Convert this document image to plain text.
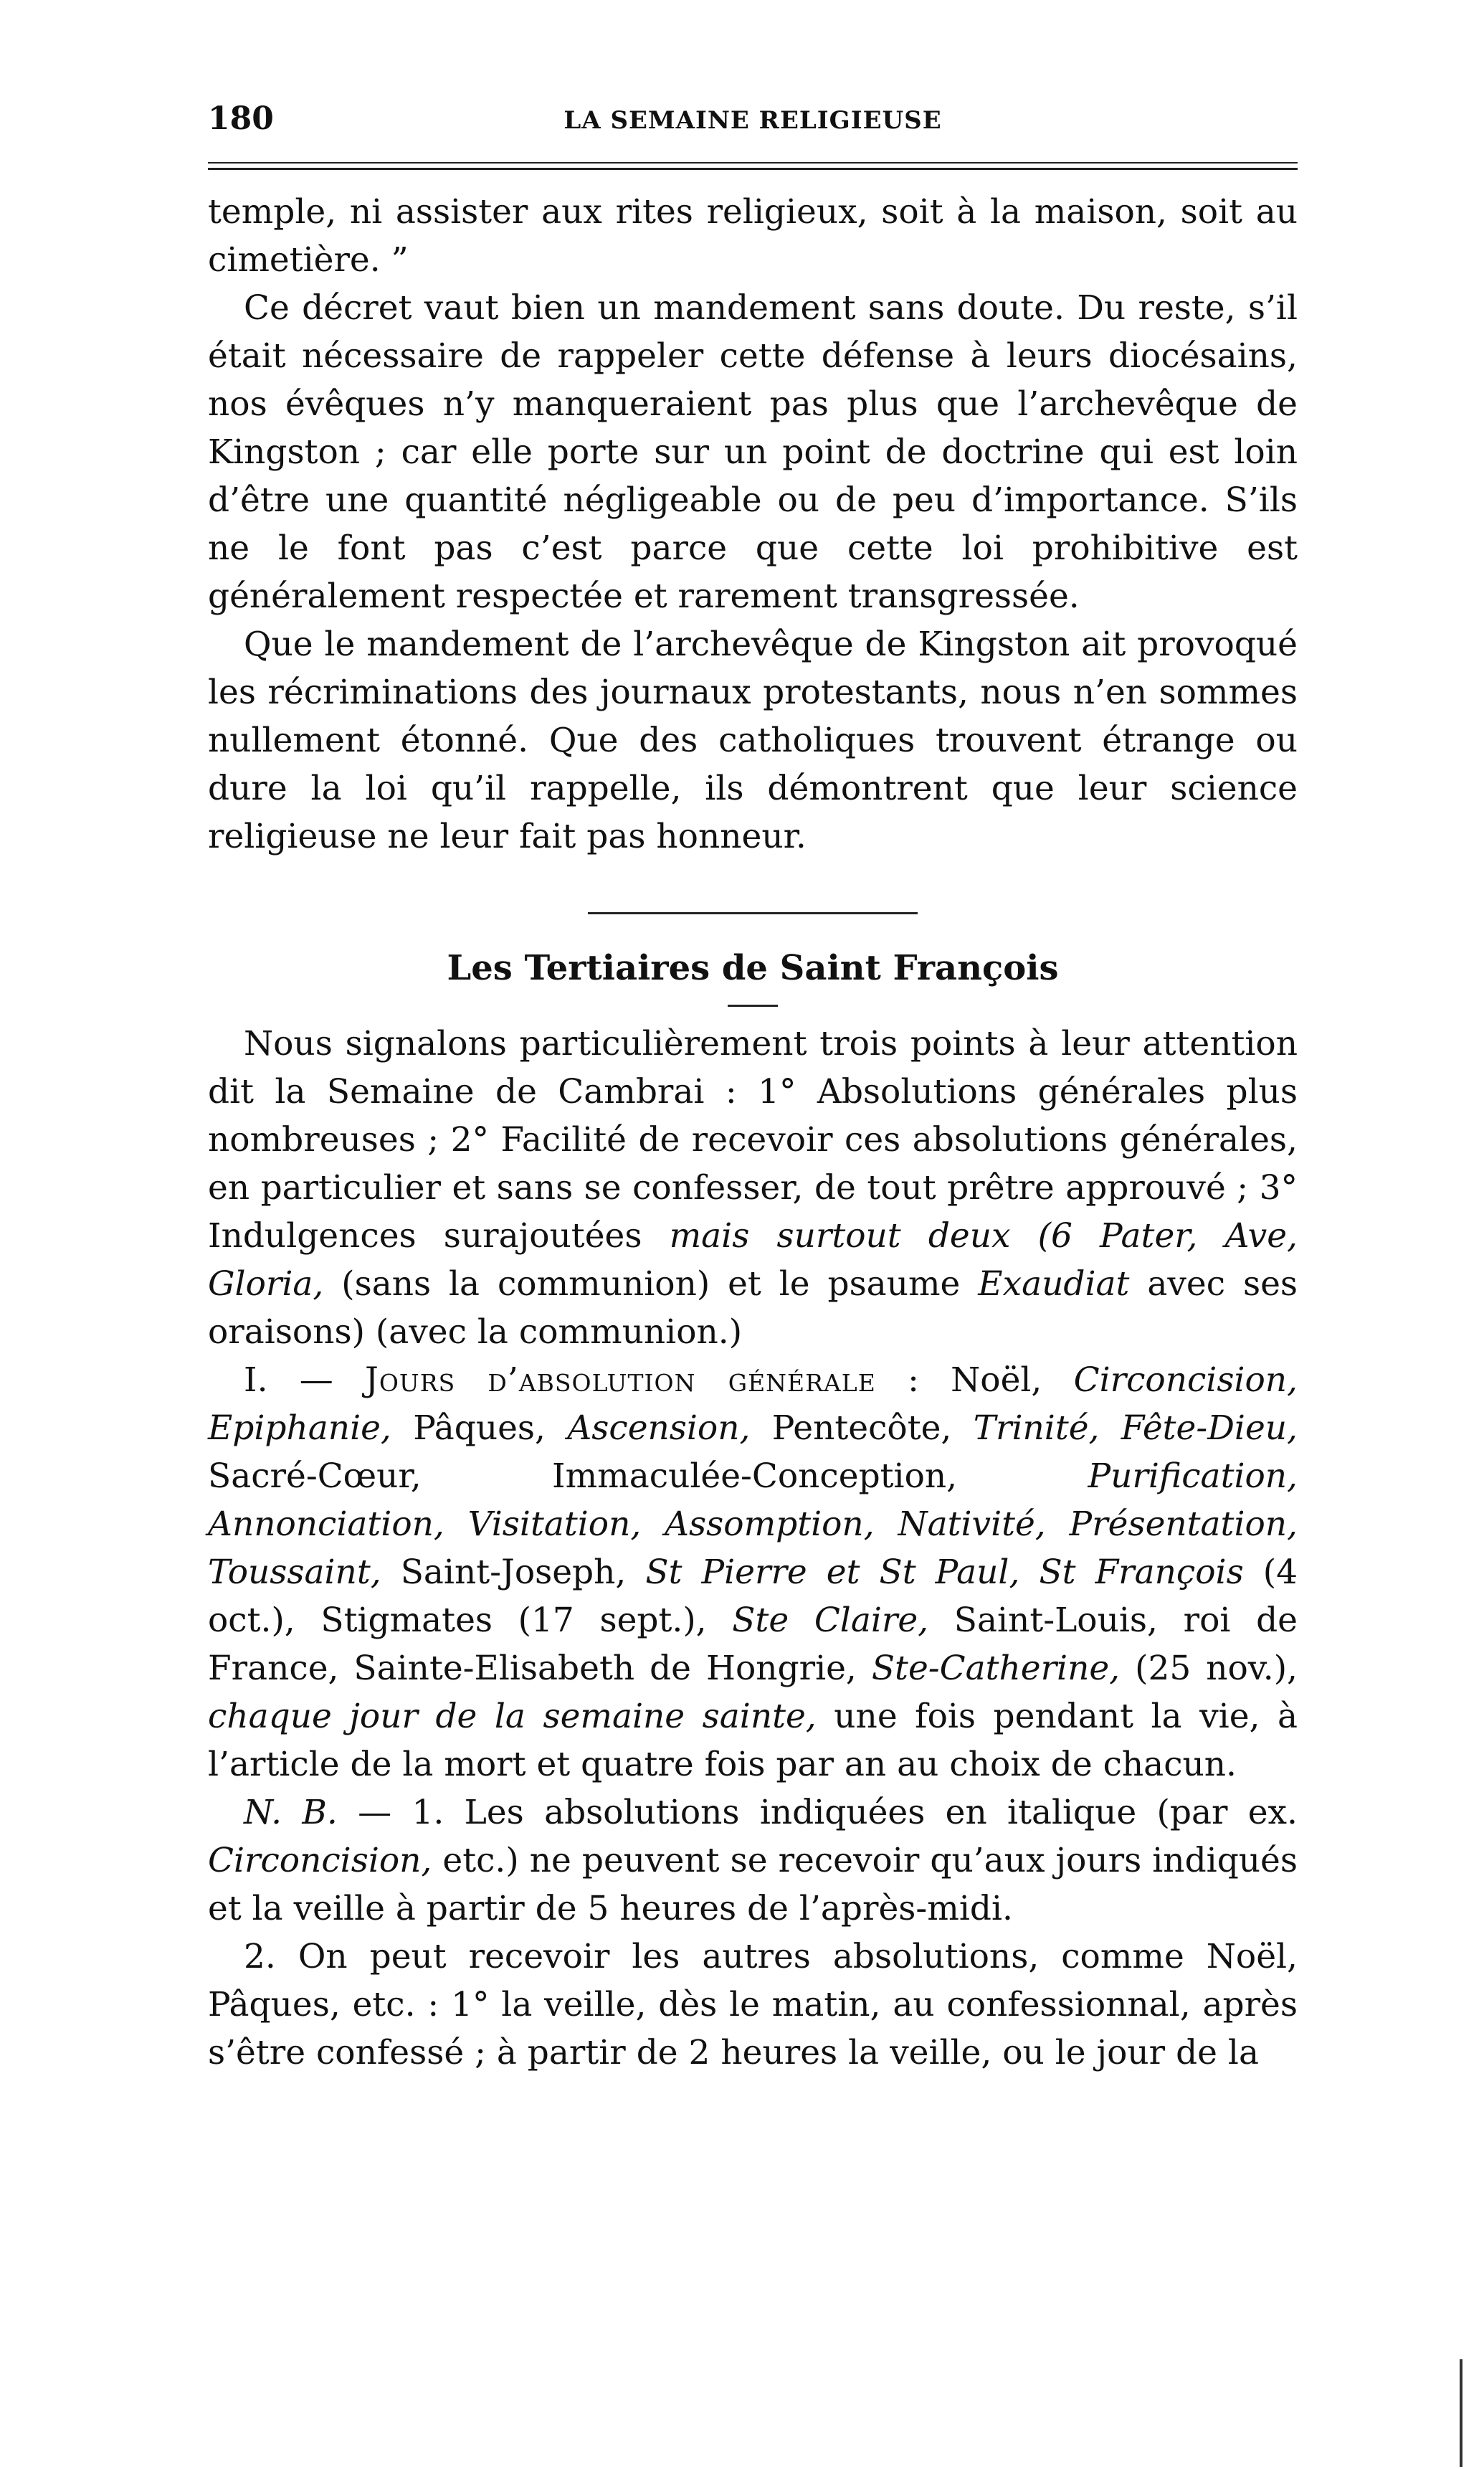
180	LA SEMAINE RELIGIEUSE

temple, ni assister aux rites religieux, soit à la maison, soit au cimetière. ”

Ce décret vaut bien un mandement sans doute. Du reste, s’il était nécessaire de rappeler cette défense à leurs diocésains, nos évêques n’y manqueraient pas plus que l’archevêque de Kingston ; car elle porte sur un point de doctrine qui est loin d’être une quantité négligeable ou de peu d’importance. S’ils ne le font pas c’est parce que cette loi prohibitive est généralement respectée et rarement transgressée.

Que le mandement de l’archevêque de Kingston ait provoqué les récriminations des journaux protestants, nous n’en sommes nullement étonné. Que des catholiques trouvent étrange ou dure la loi qu’il rappelle, ils démontrent que leur science religieuse ne leur fait pas honneur.

Les Tertiaires de Saint François

Nous signalons particulièrement trois points à leur attention dit la Semaine de Cambrai : 1° Absolutions générales plus nombreuses ; 2° Facilité de recevoir ces absolutions générales, en particulier et sans se confesser, de tout prêtre approuvé ; 3° Indulgences surajoutées mais surtout deux (6 Pater, Ave, Gloria, (sans la communion) et le psaume Exaudiat avec ses oraisons) (avec la communion.)

I. — Jours d’absolution générale : Noël, Circoncision, Epiphanie, Pâques, Ascension, Pentecôte, Trinité, Fête-Dieu, Sacré-Cœur, Immaculée-Conception, Purification, Annonciation, Visitation, Assomption, Nativité, Présentation, Toussaint, Saint-Joseph, St Pierre et St Paul, St François (4 oct.), Stigmates (17 sept.), Ste Claire, Saint-Louis, roi de France, Sainte-Elisabeth de Hongrie, Ste-Catherine, (25 nov.), chaque jour de la semaine sainte, une fois pendant la vie, à l’article de la mort et quatre fois par an au choix de chacun.

N. B. — 1. Les absolutions indiquées en italique (par ex. Circoncision, etc.) ne peuvent se recevoir qu’aux jours indiqués et la veille à partir de 5 heures de l’après-midi.

2. On peut recevoir les autres absolutions, comme Noël, Pâques, etc. : 1° la veille, dès le matin, au confessionnal, après s’être confessé ; à partir de 2 heures la veille, ou le jour de la
